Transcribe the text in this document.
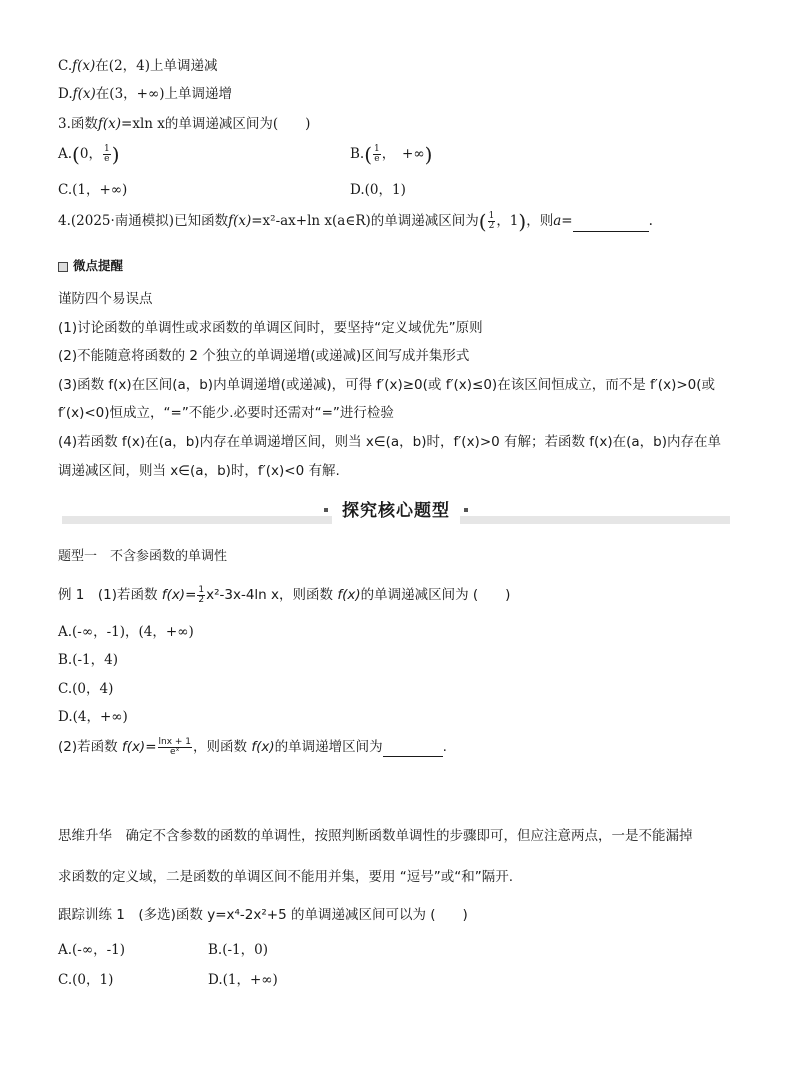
C.f(x)在(2，4)上单调递减
D.f(x)在(3，+∞)上单调递增
3.函数f(x)=xln x的单调递减区间为(　　)
A.(0， $\frac{1}{e}$ )	$B.( \frac{1}{e}$ ，　+∞)
C.(1，+∞)	D.(0，1)
4.(2025·南通模拟)已知函数f(x)=x²-ax+ln x(a∈R)的单调递减区间为( $\frac{1}{2}$ ，1)，则a=	.
微点提醒
谨防四个易误点
(1)讨论函数的单调性或求函数的单调区间时，要坚持“定义域优先”原则
(2)不能随意将函数的 2 个独立的单调递增(或递减)区间写成并集形式
(3)函数 f(x)在区间(a，b)内单调递增(或递减)，可得 f′(x)≥0(或 f′(x)≤0)在该区间恒成立，而不是 f′(x)>0(或
f′(x)<0)恒成立，“=”不能少.必要时还需对“=”进行检验
(4)若函数 f(x)在(a，b)内存在单调递增区间，则当 x∈(a，b)时，f′(x)>0 有解；若函数 f(x)在(a，b)内存在单
调递减区间，则当 x∈(a，b)时，f′(x)<0 有解.
探究核心题型
题型一　不含参函数的单调性
例 1　(1)若函数 $f(x)= \frac{1}{2} x^2-3x-4\ln$ x，则函数 f(x)的单调递减区间为 (　　)
A.(-∞，-1)，(4，+∞)
B.(-1，4)
C.(0，4)
D.(4，+∞)
(2)若函数 $f(x)= \frac{\ln x + 1}{\text{eˣ}}$ ，则函数 f(x)的单调递增区间为	.
思维升华　确定不含参数的函数的单调性，按照判断函数单调性的步骤即可，但应注意两点，一是不能漏掉
求函数的定义域，二是函数的单调区间不能用并集，要用 “逗号”或“和”隔开.
跟踪训练 1　(多选)函数 y=x⁴-2x²+5 的单调递减区间可以为 (　　)
A.(-∞，-1)	B.(-1，0)
C.(0，1)	D.(1，+∞)
